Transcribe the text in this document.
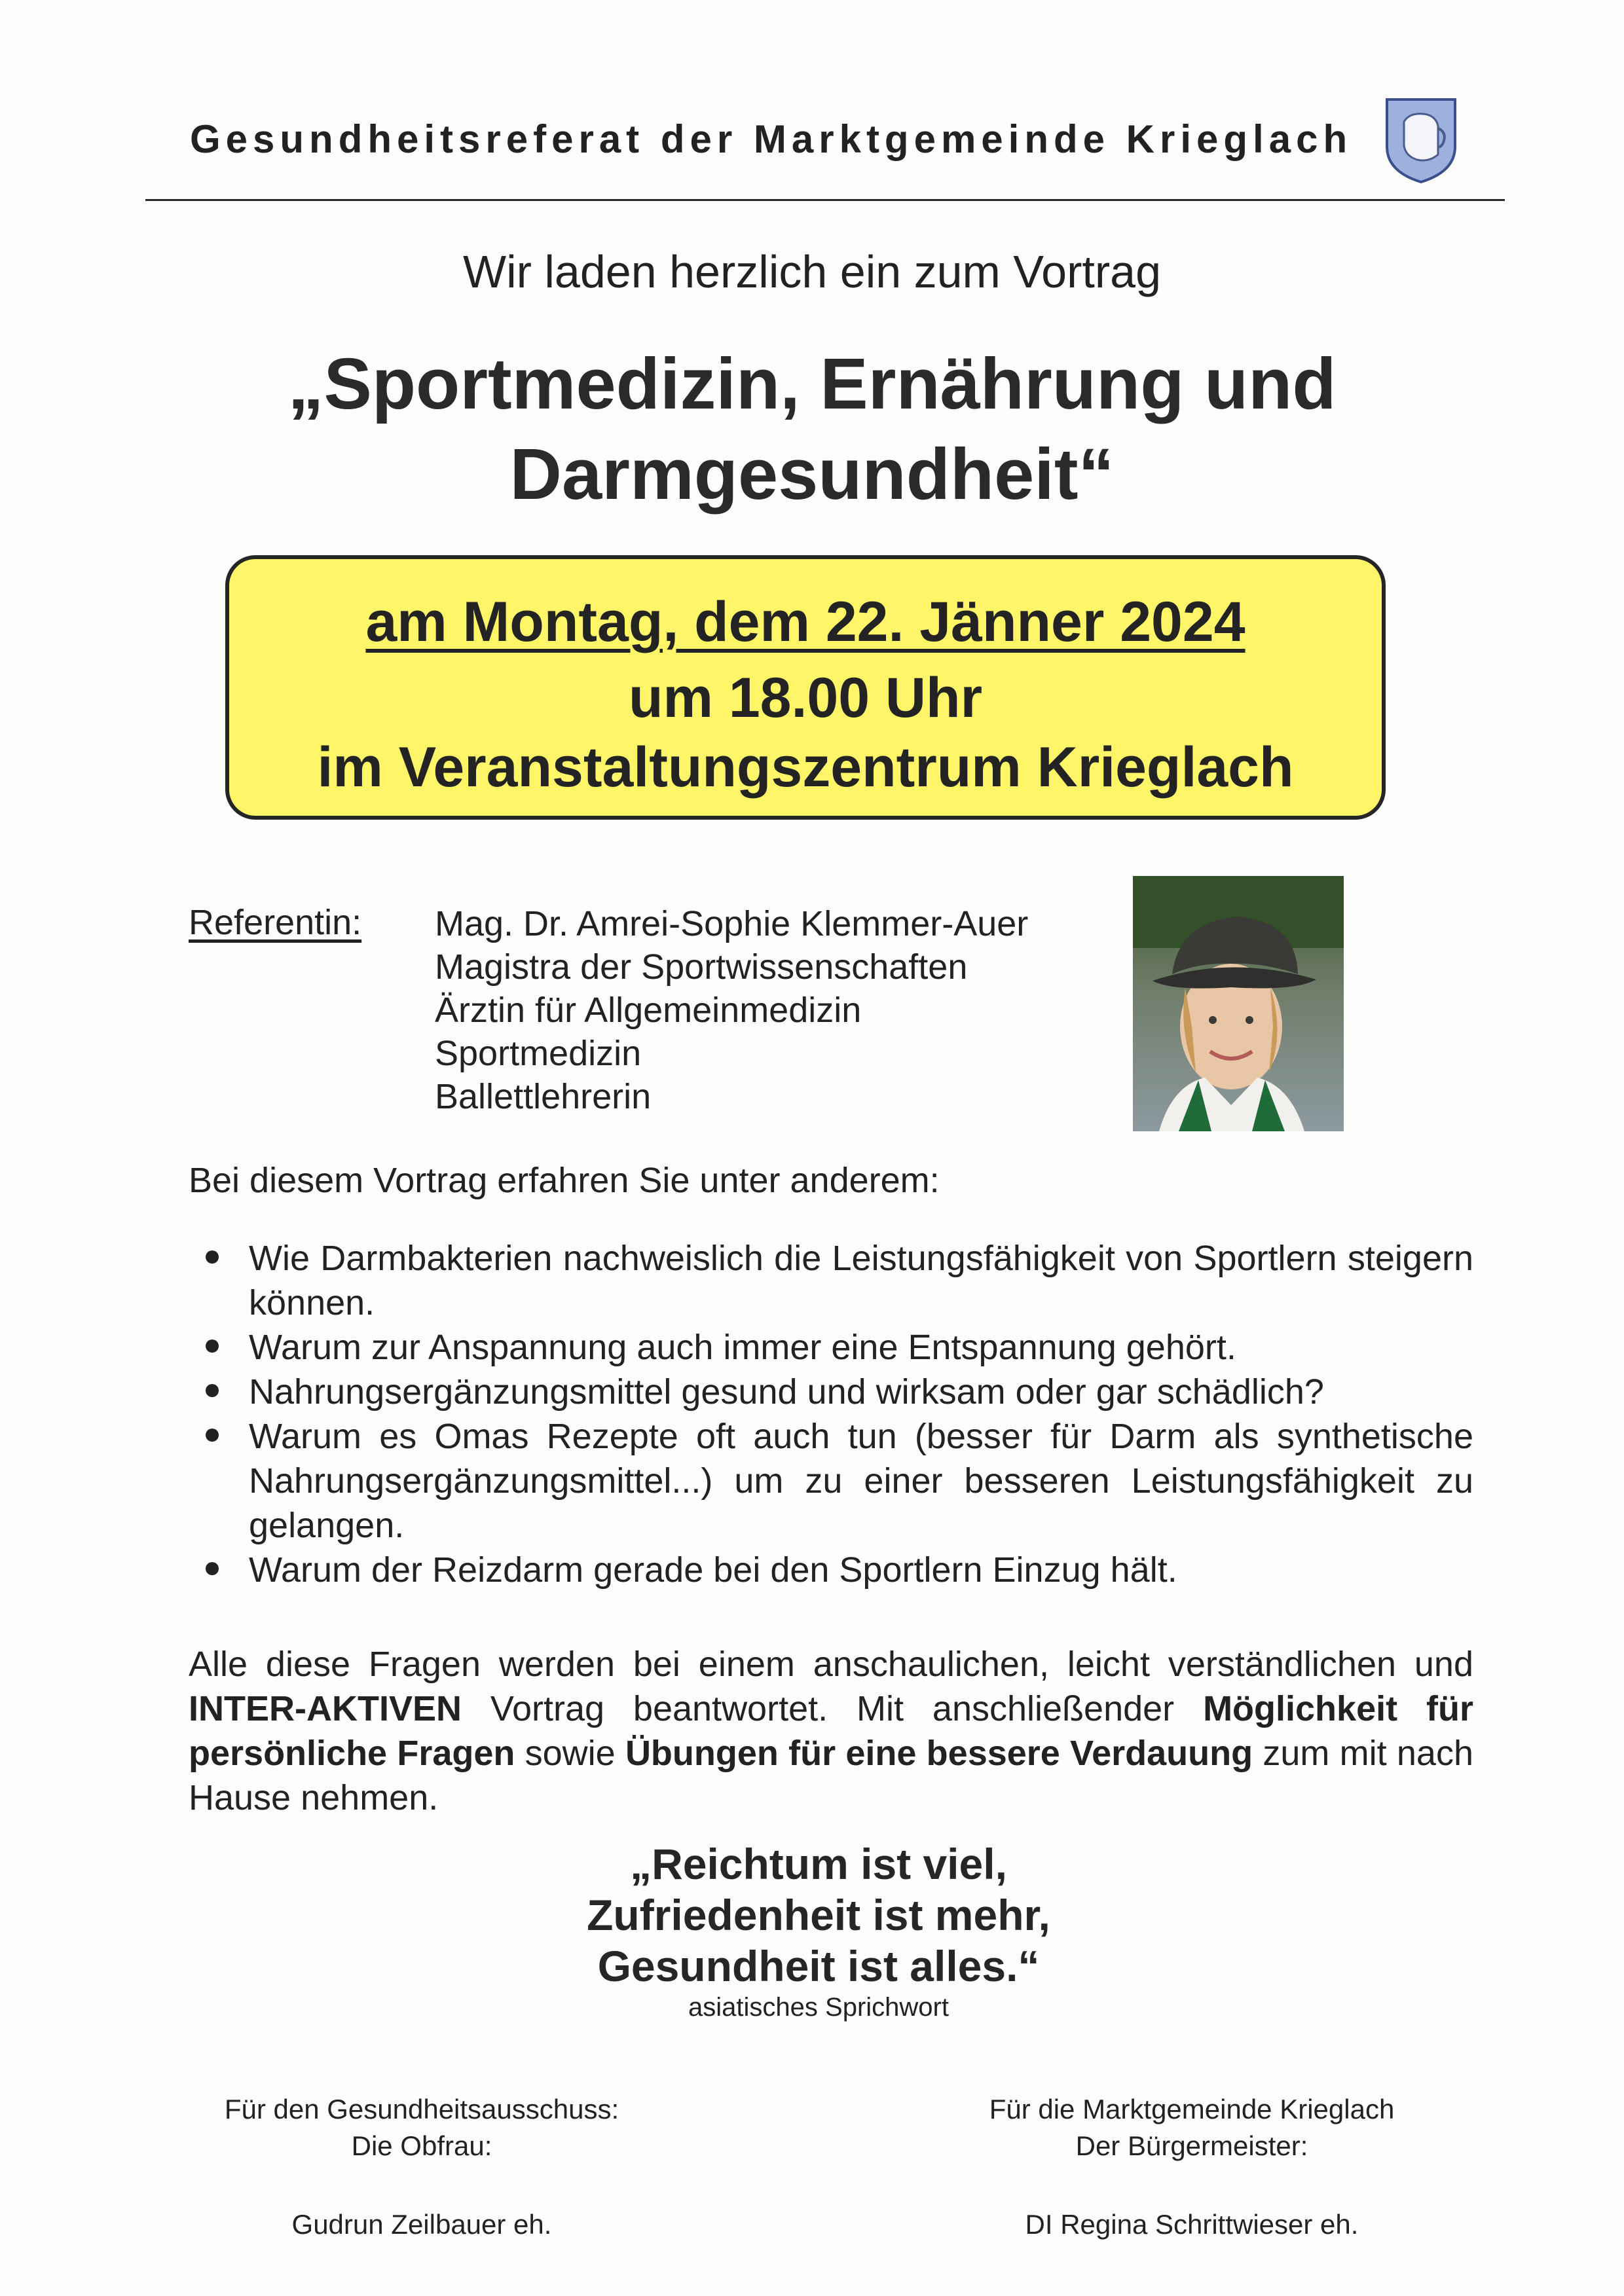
Gesundheitsreferat der Marktgemeinde Krieglach
Wir laden herzlich ein zum Vortrag
„Sportmedizin, Ernährung und
Darmgesundheit“
am Montag, dem 22. Jänner 2024
um 18.00 Uhr
im Veranstaltungszentrum Krieglach
Referentin: Mag. Dr. Amrei-Sophie Klemmer-Auer
Magistra der Sportwissenschaften
Ärztin für Allgemeinmedizin
Sportmedizin
Ballettlehrerin
Bei diesem Vortrag erfahren Sie unter anderem:
Wie Darmbakterien nachweislich die Leistungsfähigkeit von Sportlern steigern können.
Warum zur Anspannung auch immer eine Entspannung gehört.
Nahrungsergänzungsmittel gesund und wirksam oder gar schädlich?
Warum es Omas Rezepte oft auch tun (besser für Darm als synthetische Nahrungsergänzungsmittel...) um zu einer besseren Leistungsfähigkeit zu gelangen.
Warum der Reizdarm gerade bei den Sportlern Einzug hält.
Alle diese Fragen werden bei einem anschaulichen, leicht verständlichen und INTER-AKTIVEN Vortrag beantwortet. Mit anschließender Möglichkeit für persönliche Fragen sowie Übungen für eine bessere Verdauung zum mit nach Hause nehmen.
„Reichtum ist viel,
Zufriedenheit ist mehr,
Gesundheit ist alles.“
asiatisches Sprichwort
Für den Gesundheitsausschuss:
Die Obfrau:
Gudrun Zeilbauer eh.
Für die Marktgemeinde Krieglach
Der Bürgermeister:
DI Regina Schrittwieser eh.
